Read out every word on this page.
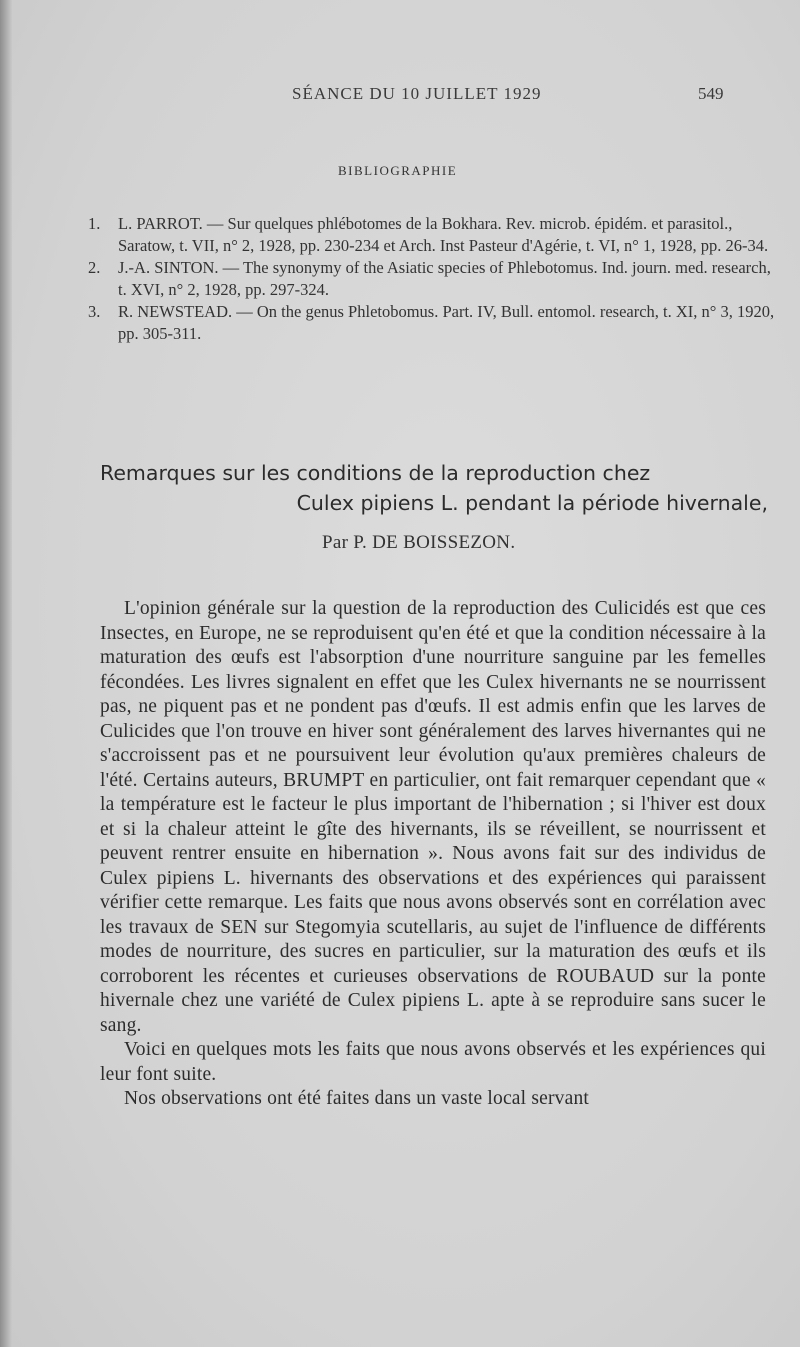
SÉANCE DU 10 JUILLET 1929	549
BIBLIOGRAPHIE
1.	L. PARROT. — Sur quelques phlébotomes de la Bokhara. Rev. microb. épidém. et parasitol., Saratow, t. VII, n° 2, 1928, pp. 230-234 et Arch. Inst Pasteur d'Agérie, t. VI, n° 1, 1928, pp. 26-34.
2.	J.-A. SINTON. — The synonymy of the Asiatic species of Phlebotomus. Ind. journ. med. research, t. XVI, n° 2, 1928, pp. 297-324.
3.	R. NEWSTEAD. — On the genus Phletobomus. Part. IV, Bull. entomol. research, t. XI, n° 3, 1920, pp. 305-311.
Remarques sur les conditions de la reproduction chez
Culex pipiens L. pendant la période hivernale,
Par P. DE BOISSEZON.

L'opinion générale sur la question de la reproduction des Culicidés est que ces Insectes, en Europe, ne se reproduisent qu'en été et que la condition nécessaire à la maturation des œufs est l'absorption d'une nourriture sanguine par les femelles fécondées. Les livres signalent en effet que les Culex hivernants ne se nourrissent pas, ne piquent pas et ne pondent pas d'œufs. Il est admis enfin que les larves de Culicides que l'on trouve en hiver sont généralement des larves hivernantes qui ne s'accroissent pas et ne poursuivent leur évolution qu'aux premières chaleurs de l'été. Certains auteurs, BRUMPT en particulier, ont fait remarquer cependant que « la température est le facteur le plus important de l'hibernation ; si l'hiver est doux et si la chaleur atteint le gîte des hivernants, ils se réveillent, se nourrissent et peuvent rentrer ensuite en hibernation ». Nous avons fait sur des individus de Culex pipiens L. hivernants des observations et des expériences qui paraissent vérifier cette remarque. Les faits que nous avons observés sont en corrélation avec les travaux de SEN sur Stegomyia scutellaris, au sujet de l'influence de différents modes de nourriture, des sucres en particulier, sur la maturation des œufs et ils corroborent les récentes et curieuses observations de ROUBAUD sur la ponte hivernale chez une variété de Culex pipiens L. apte à se reproduire sans sucer le sang.

Voici en quelques mots les faits que nous avons observés et les expériences qui leur font suite.

Nos observations ont été faites dans un vaste local servant
